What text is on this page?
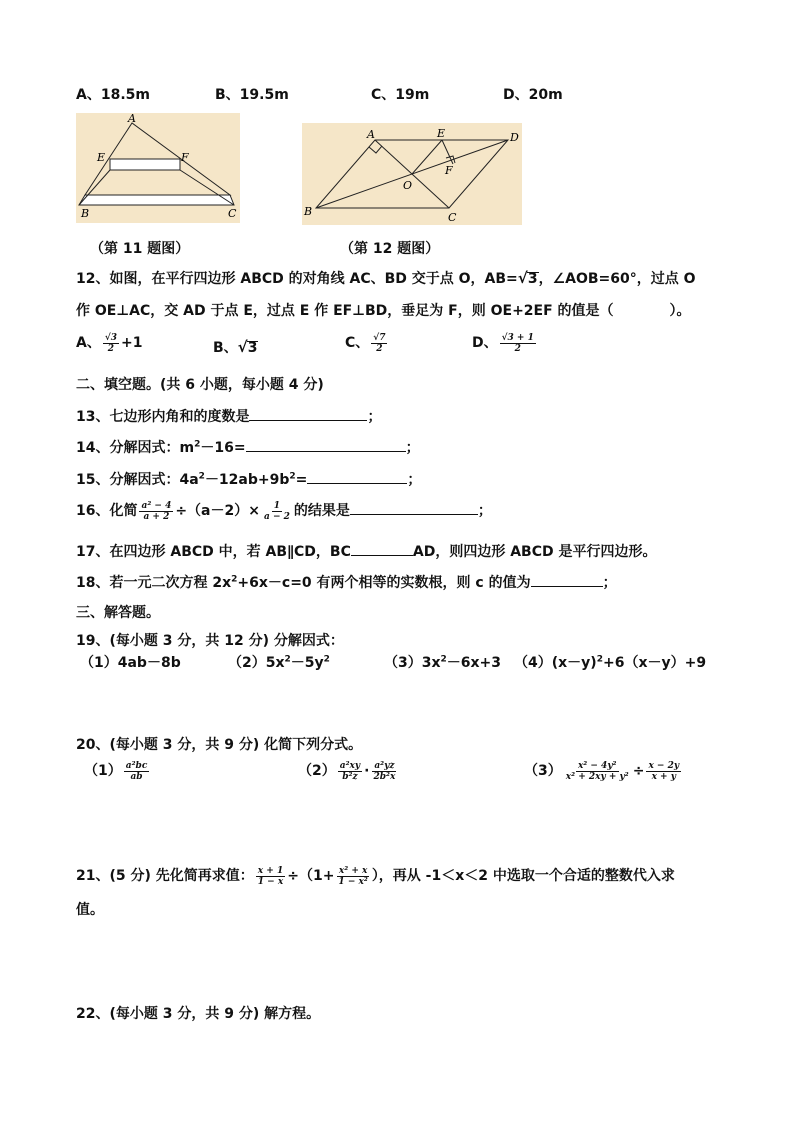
A、18.5m	B、19.5m	C、19m	D、20m
A
E	F
B	C
A	E	D
F
O
B	C
（第 11 题图）	（第 12 题图）
12、如图，在平行四边形 ABCD 的对角线 AC、BD 交于点 O，AB=√3，∠AOB=60°，过点 O
作 OE⊥AC，交 AD 于点 E，过点 E 作 EF⊥BD，垂足为 F，则 OE+2EF 的值是（　　　　）。
A、 $\frac{√3}{2} +1$	B、√3	C、 $\frac{√7}{2}$	D、 $\frac{√3 + 1}{2}$
二、填空题。(共 6 小题，每小题 4 分)
13、七边形内角和的度数是	；
14、分解因式：$m^2-16=$	；
15、分解因式：$4a^2-12ab+9b^2=$	；
16、化简 $\frac{\text{a² − 4}}{a + 2} \div(a-2)\times \frac{1}{a - 2}$ 的结果是	；
17、在四边形 ABCD 中，若 AB∥CD，BC	AD，则四边形 ABCD 是平行四边形。
18、若一元二次方程 $2x^2+6x-c=0$ 有两个相等的实数根，则 c 的值为	；
三、解答题。
19、(每小题 3 分，共 12 分) 分解因式：
（1）4ab－8b	$(2)5x^2-5y^2$	$(3)3x^2-6x+3$ $(4)(x-y)^2+6(x-y)+9$
20、(每小题 3 分，共 9 分) 化简下列分式。
$(1) \frac{\text{a²bc}}{ab}$	$(2) \frac{\text{a²xy}}{\text{b²z}} \cdot \frac{\text{a²yz}}{\text{2b²x}}$	$(3) \frac{\text{x² − 4y²}}{\text{x² + 2xy + y²}} \div \frac{x - 2y}{x + y}$
21、(5 分) 先化简再求值： $\frac{x + 1}{1 - x} \div(1+ \frac{\text{x² + x}}{\text{1 − x²}}$ ），再从 ‑1＜x＜2 中选取一个合适的整数代入求
值。
22、(每小题 3 分，共 9 分) 解方程。
